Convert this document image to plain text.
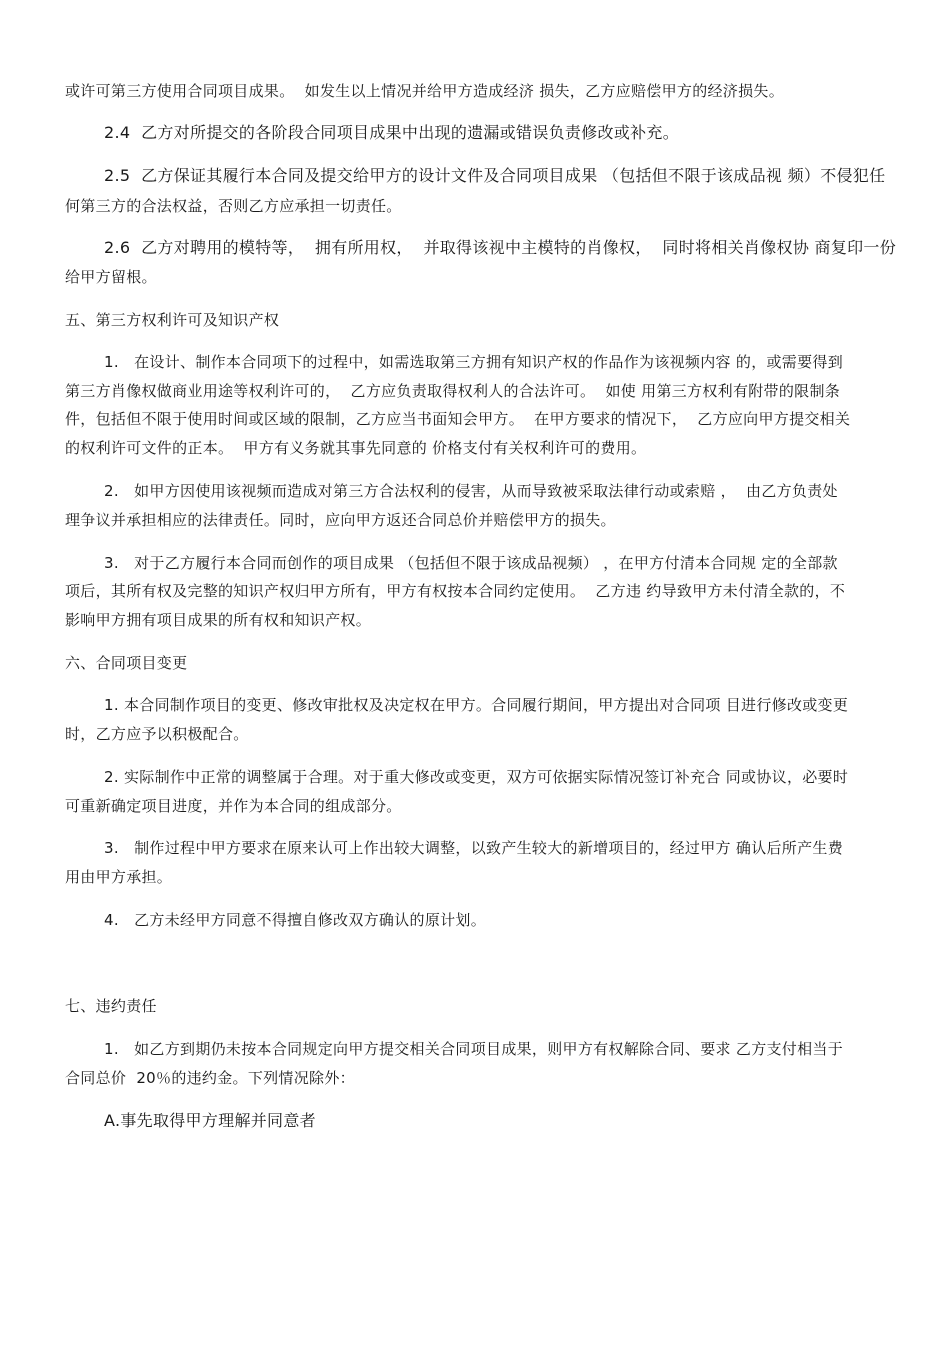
或许可第三方使用合同项目成果。  如发生以上情况并给甲方造成经济 损失，乙方应赔偿甲方的经济损失。
2.4  乙方对所提交的各阶段合同项目成果中出现的遗漏或错误负责修改或补充。
2.5  乙方保证其履行本合同及提交给甲方的设计文件及合同项目成果 （包括但不限于该成品视 频）不侵犯任
何第三方的合法权益，否则乙方应承担一切责任。
2.6  乙方对聘用的模特等，  拥有所用权，  并取得该视中主模特的肖像权，  同时将相关肖像权协 商复印一份
给甲方留根。
五、第三方权利许可及知识产权
1.   在设计、制作本合同项下的过程中，如需选取第三方拥有知识产权的作品作为该视频内容 的，或需要得到
第三方肖像权做商业用途等权利许可的，  乙方应负责取得权利人的合法许可。  如使 用第三方权利有附带的限制条
件，包括但不限于使用时间或区域的限制，乙方应当书面知会甲方。  在甲方要求的情况下，  乙方应向甲方提交相关
的权利许可文件的正本。  甲方有义务就其事先同意的 价格支付有关权利许可的费用。
2.   如甲方因使用该视频而造成对第三方合法权利的侵害，从而导致被采取法律行动或索赔 ，  由乙方负责处
理争议并承担相应的法律责任。同时，应向甲方返还合同总价并赔偿甲方的损失。
3.   对于乙方履行本合同而创作的项目成果 （包括但不限于该成品视频） ，在甲方付清本合同规 定的全部款
项后，其所有权及完整的知识产权归甲方所有，甲方有权按本合同约定使用。  乙方违 约导致甲方未付清全款的，不
影响甲方拥有项目成果的所有权和知识产权。
六、合同项目变更
1. 本合同制作项目的变更、修改审批权及决定权在甲方。合同履行期间，甲方提出对合同项 目进行修改或变更
时，乙方应予以积极配合。
2. 实际制作中正常的调整属于合理。对于重大修改或变更，双方可依据实际情况签订补充合 同或协议，必要时
可重新确定项目进度，并作为本合同的组成部分。
3.   制作过程中甲方要求在原来认可上作出较大调整，以致产生较大的新增项目的，经过甲方 确认后所产生费
用由甲方承担。
4.   乙方未经甲方同意不得擅自修改双方确认的原计划。
七、违约责任
1.   如乙方到期仍未按本合同规定向甲方提交相关合同项目成果，则甲方有权解除合同、要求 乙方支付相当于
合同总价  20％的违约金。下列情况除外：
A.事先取得甲方理解并同意者
